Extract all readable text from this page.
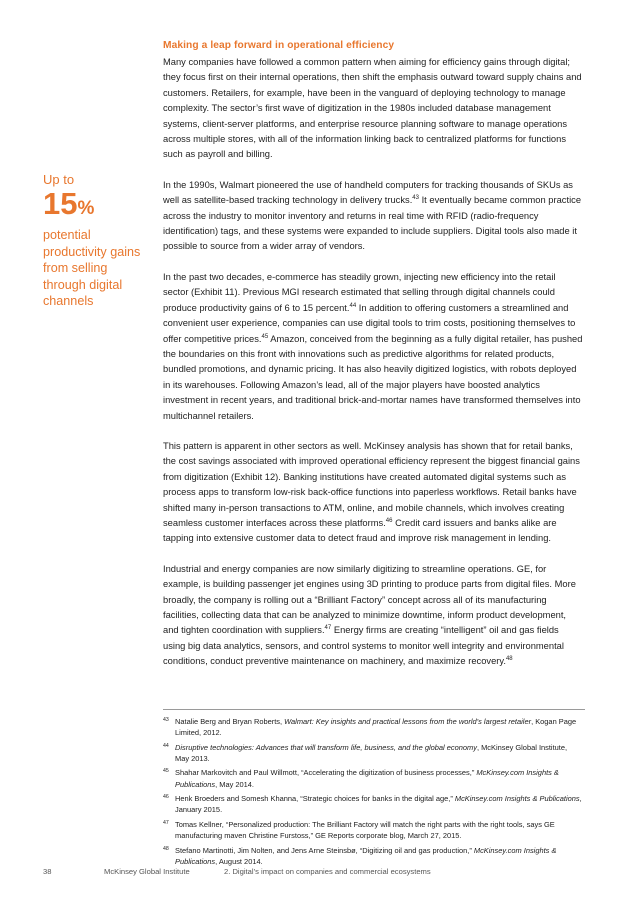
Making a leap forward in operational efficiency

Many companies have followed a common pattern when aiming for efficiency gains through digital; they focus first on their internal operations, then shift the emphasis outward toward supply chains and customers. Retailers, for example, have been in the vanguard of deploying technology to manage complexity. The sector’s first wave of digitization in the 1980s included database management systems, client-server platforms, and enterprise resource planning software to manage operations across multiple stores, with all of the information linking back to centralized platforms for functions such as payroll and billing.

In the 1990s, Walmart pioneered the use of handheld computers for tracking thousands of SKUs as well as satellite-based tracking technology in delivery trucks.$^{43}$ It eventually became common practice across the industry to monitor inventory and returns in real time with RFID (radio-frequency identification) tags, and these systems were expanded to include suppliers. Digital tools also made it possible to source from a wider array of vendors.

In the past two decades, e-commerce has steadily grown, injecting new efficiency into the retail sector (Exhibit 11). Previous MGI research estimated that selling through digital channels could produce productivity gains of 6 to 15 percent.$^{44}$ In addition to offering customers a streamlined and convenient user experience, companies can use digital tools to trim costs, positioning themselves to offer competitive prices.$^{45}$ Amazon, conceived from the beginning as a fully digital retailer, has pushed the boundaries on this front with innovations such as predictive algorithms for related products, bundled promotions, and dynamic pricing. It has also heavily digitized logistics, with robots deployed in its warehouses. Following Amazon’s lead, all of the major players have boosted analytics investment in recent years, and traditional brick-and-mortar names have transformed themselves into multichannel retailers.

This pattern is apparent in other sectors as well. McKinsey analysis has shown that for retail banks, the cost savings associated with improved operational efficiency represent the biggest financial gains from digitization (Exhibit 12). Banking institutions have created automated digital systems such as process apps to transform low-risk back-office functions into paperless workflows. Retail banks have shifted many in-person transactions to ATM, online, and mobile channels, which involves creating seamless customer interfaces across these platforms.$^{46}$ Credit card issuers and banks alike are tapping into extensive customer data to detect fraud and improve risk management in lending.

Industrial and energy companies are now similarly digitizing to streamline operations. GE, for example, is building passenger jet engines using 3D printing to produce parts from digital files. More broadly, the company is rolling out a “Brilliant Factory” concept across all of its manufacturing facilities, collecting data that can be analyzed to minimize downtime, inform product development, and tighten coordination with suppliers.$^{47}$ Energy firms are creating “intelligent” oil and gas fields using big data analytics, sensors, and control systems to monitor well integrity and environmental conditions, conduct preventive maintenance on machinery, and maximize recovery.$^{48}$

Up to
15%
potential productivity gains from selling through digital channels
43 Natalie Berg and Bryan Roberts, Walmart: Key insights and practical lessons from the world’s largest retailer, Kogan Page Limited, 2012.
44 Disruptive technologies: Advances that will transform life, business, and the global economy, McKinsey Global Institute, May 2013.
45 Shahar Markovitch and Paul Willmott, “Accelerating the digitization of business processes,” McKinsey.com Insights & Publications, May 2014.
46 Henk Broeders and Somesh Khanna, “Strategic choices for banks in the digital age,” McKinsey.com Insights & Publications, January 2015.
47 Tomas Kellner, “Personalized production: The Brilliant Factory will match the right parts with the right tools, says GE manufacturing maven Christine Furstoss,” GE Reports corporate blog, March 27, 2015.
48 Stefano Martinotti, Jim Nolten, and Jens Arne Steinsbø, “Digitizing oil and gas production,” McKinsey.com Insights & Publications, August 2014.
38	McKinsey Global Institute	2. Digital’s impact on companies and commercial ecosystems
